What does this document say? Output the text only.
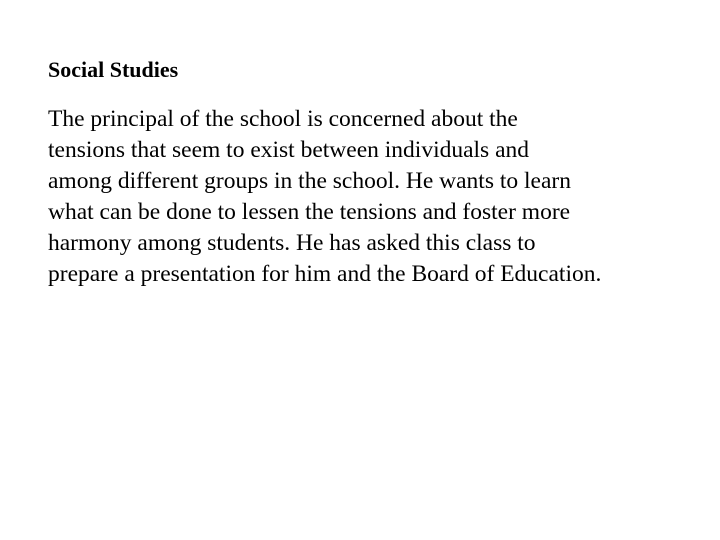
Social Studies

The principal of the school is concerned about the
tensions that seem to exist between individuals and
among different groups in the school. He wants to learn
what can be done to lessen the tensions and foster more
harmony among students. He has asked this class to
prepare a presentation for him and the Board of Education.
